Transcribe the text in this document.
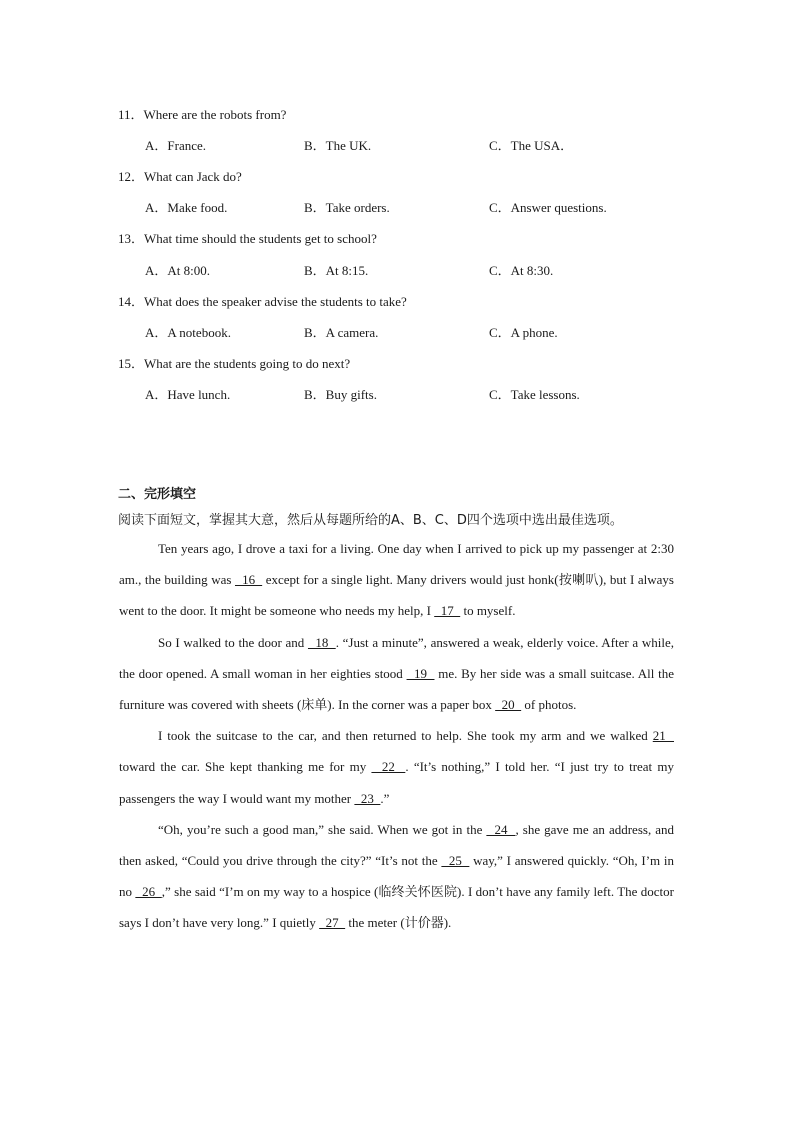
11．Where are the robots from?
A．France.	B．The UK.	C．The USA．
12．What can Jack do?
A．Make food.	B．Take orders.	C．Answer questions.
13．What time should the students get to school?
A．At 8:00.	B．At 8:15.	C．At 8:30.
14．What does the speaker advise the students to take?
A．A notebook.	B．A camera.	C．A phone.
15．What are the students going to do next?
A．Have lunch.	B．Buy gifts.	C．Take lessons.
二、完形填空
阅读下面短文，掌握其大意，然后从每题所给的A、B、C、D四个选项中选出最佳选项。

Ten years ago, I drove a taxi for a living. One day when I arrived to pick up my passenger at 2:30 am., the building was   16   except for a single light. Many drivers would just honk(按喇叭), but I always went to the door. It might be someone who needs my help, I   17   to myself.

So I walked to the door and   18  . “Just a minute”, answered a weak, elderly voice. After a while, the door opened. A small woman in her eighties stood   19   me. By her side was a small suitcase. All the furniture was covered with sheets (床单). In the corner was a paper box   20   of photos.

I took the suitcase to the car, and then returned to help. She took my arm and we walked 21   toward the car. She kept thanking me for my   22  . “It’s nothing,” I told her. “I just try to treat my passengers the way I would want my mother   23  .”

“Oh, you’re such a good man,” she said. When we got in the   24  , she gave me an address, and then asked, “Could you drive through the city?” “It’s not the   25   way,” I answered quickly. “Oh, I’m in no   26  ,” she said “I’m on my way to a hospice (临终关怀医院). I don’t have any family left. The doctor says I don’t have very long.” I quietly   27   the meter (计价器).
